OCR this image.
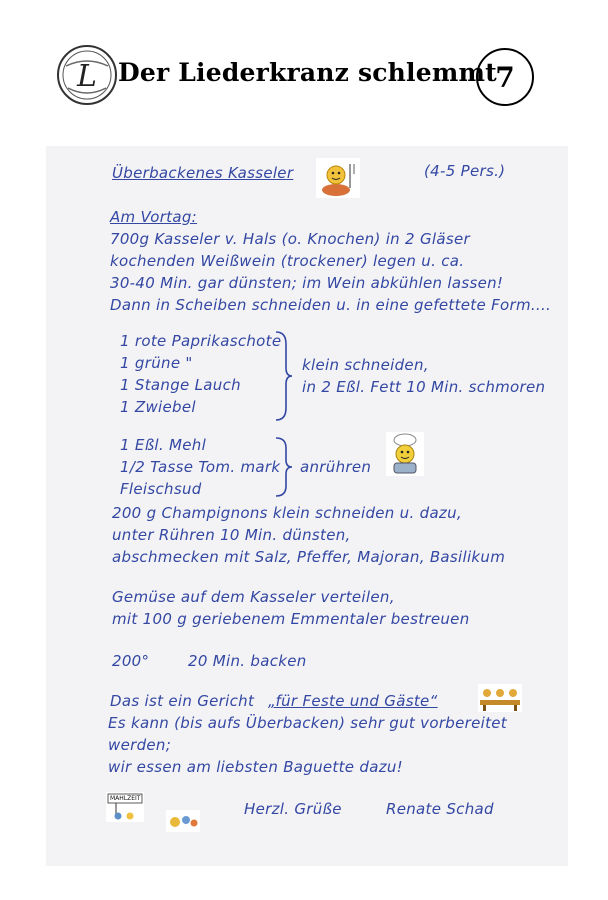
L Der Liederkranz schlemmt
7
Überbackenes Kasseler	(4-5 Pers.)
Am Vortag:
700g Kasseler v. Hals (o. Knochen) in 2 Gläser
kochenden Weißwein (trockener) legen u. ca.
30-40 Min. gar dünsten; im Wein abkühlen lassen!
Dann in Scheiben schneiden u. in eine gefettete Form....
1 rote Paprikaschote
1 grüne "
1 Stange Lauch
1 Zwiebel
klein schneiden,
in 2 Eßl. Fett 10 Min. schmoren
1 Eßl. Mehl
1/2 Tasse Tom. mark
Fleischsud
anrühren
200 g Champignons klein schneiden u. dazu,
unter Rühren 10 Min. dünsten,
abschmecken mit Salz, Pfeffer, Majoran, Basilikum
Gemüse auf dem Kasseler verteilen,
mit 100 g geriebenem Emmentaler bestreuen
200°	20 Min. backen
Das ist ein Gericht „für Feste und Gäste“
Es kann (bis aufs Überbacken) sehr gut vorbereitet
werden;
wir essen am liebsten Baguette dazu!
MAHLZEIT
Herzl. Grüße	Renate Schad
